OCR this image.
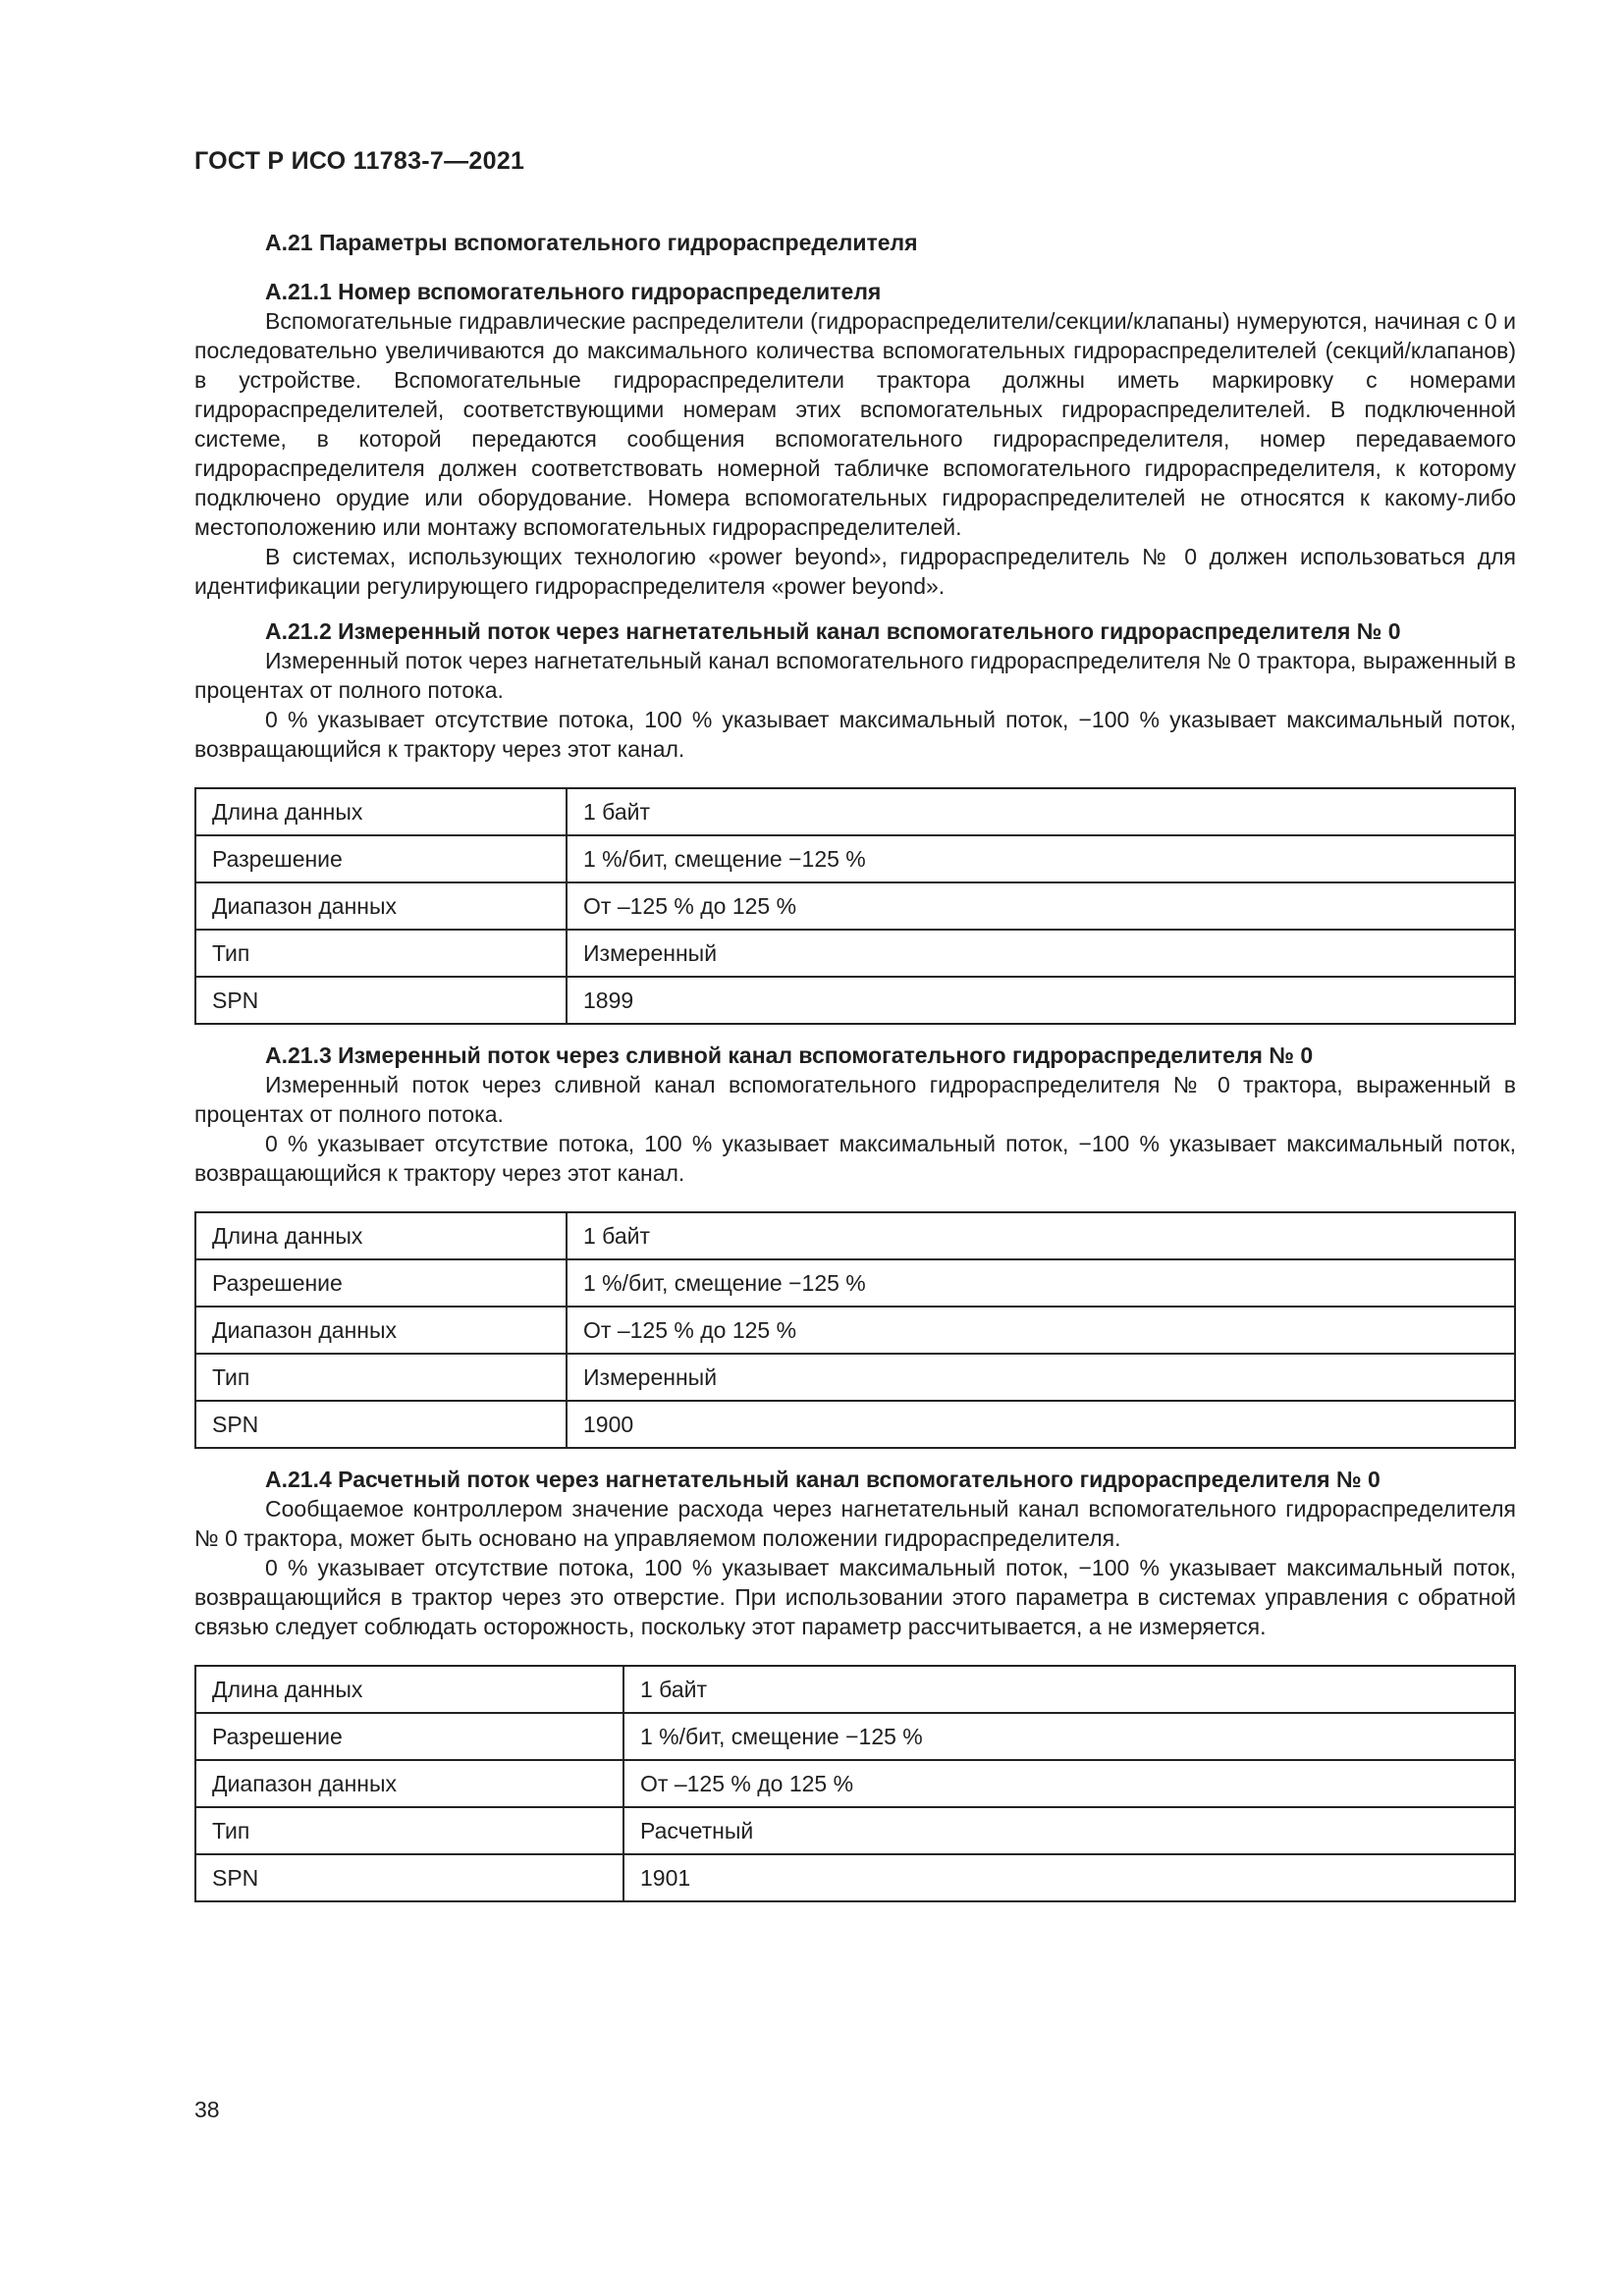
ГОСТ Р ИСО 11783-7—2021
А.21 Параметры вспомогательного гидрораспределителя
А.21.1 Номер вспомогательного гидрораспределителя

Вспомогательные гидравлические распределители (гидрораспределители/секции/клапаны) нумеруются, начиная с 0 и последовательно увеличиваются до максимального количества вспомогательных гидрораспределителей (секций/клапанов) в устройстве. Вспомогательные гидрораспределители трактора должны иметь маркировку с номерами гидрораспределителей, соответствующими номерам этих вспомогательных гидрораспределителей. В подключенной системе, в которой передаются сообщения вспомогательного гидрораспределителя, номер передаваемого гидрораспределителя должен соответствовать номерной табличке вспомогательного гидрораспределителя, к которому подключено орудие или оборудование. Номера вспомогательных гидрораспределителей не относятся к какому-либо местоположению или монтажу вспомогательных гидрораспределителей.

В системах, использующих технологию «power beyond», гидрораспределитель № 0 должен использоваться для идентификации регулирующего гидрораспределителя «power beyond».

А.21.2 Измеренный поток через нагнетательный канал вспомогательного гидрораспределителя № 0

Измеренный поток через нагнетательный канал вспомогательного гидрораспределителя № 0 трактора, выраженный в процентах от полного потока.

0 % указывает отсутствие потока, 100 % указывает максимальный поток, −100 % указывает максимальный поток, возвращающийся к трактору через этот канал.

Длина данных	1 байт
Разрешение	1 %/бит, смещение −125 %
Диапазон данных	От –125 % до 125 %
Тип	Измеренный
SPN	1899
А.21.3 Измеренный поток через сливной канал вспомогательного гидрораспределителя № 0

Измеренный поток через сливной канал вспомогательного гидрораспределителя № 0 трактора, выраженный в процентах от полного потока.

0 % указывает отсутствие потока, 100 % указывает максимальный поток, −100 % указывает максимальный поток, возвращающийся к трактору через этот канал.

Длина данных	1 байт
Разрешение	1 %/бит, смещение −125 %
Диапазон данных	От –125 % до 125 %
Тип	Измеренный
SPN	1900
А.21.4 Расчетный поток через нагнетательный канал вспомогательного гидрораспределителя № 0

Сообщаемое контроллером значение расхода через нагнетательный канал вспомогательного гидрораспределителя № 0 трактора, может быть основано на управляемом положении гидрораспределителя.

0 % указывает отсутствие потока, 100 % указывает максимальный поток, −100 % указывает максимальный поток, возвращающийся в трактор через это отверстие. При использовании этого параметра в системах управления с обратной связью следует соблюдать осторожность, поскольку этот параметр рассчитывается, а не измеряется.

Длина данных	1 байт
Разрешение	1 %/бит, смещение −125 %
Диапазон данных	От –125 % до 125 %
Тип	Расчетный
SPN	1901
38
